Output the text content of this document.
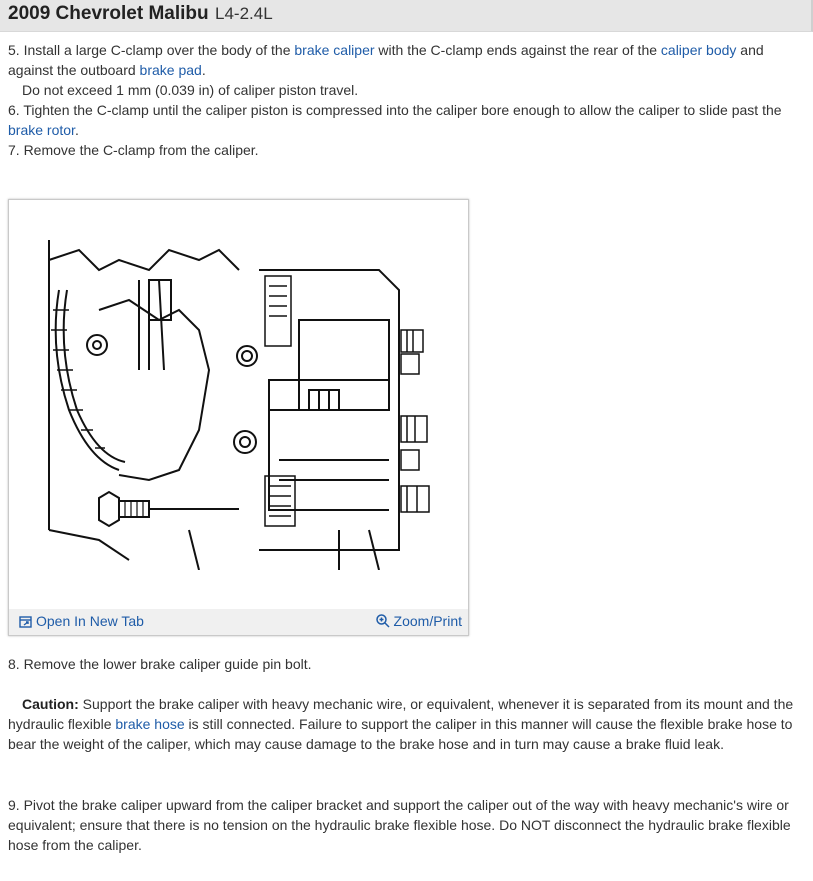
2009 Chevrolet Malibu L4-2.4L
5. Install a large C-clamp over the body of the brake caliper with the C-clamp ends against the rear of the caliper body and against the outboard brake pad.
Do not exceed 1 mm (0.039 in) of caliper piston travel.
6. Tighten the C-clamp until the caliper piston is compressed into the caliper bore enough to allow the caliper to slide past the brake rotor.
7. Remove the C-clamp from the caliper.
Open In New Tab	Zoom/Print
8. Remove the lower brake caliper guide pin bolt.
Caution: Support the brake caliper with heavy mechanic wire, or equivalent, whenever it is separated from its mount and the hydraulic flexible brake hose is still connected. Failure to support the caliper in this manner will cause the flexible brake hose to bear the weight of the caliper, which may cause damage to the brake hose and in turn may cause a brake fluid leak.
9. Pivot the brake caliper upward from the caliper bracket and support the caliper out of the way with heavy mechanic's wire or equivalent; ensure that there is no tension on the hydraulic brake flexible hose. Do NOT disconnect the hydraulic brake flexible hose from the caliper.
